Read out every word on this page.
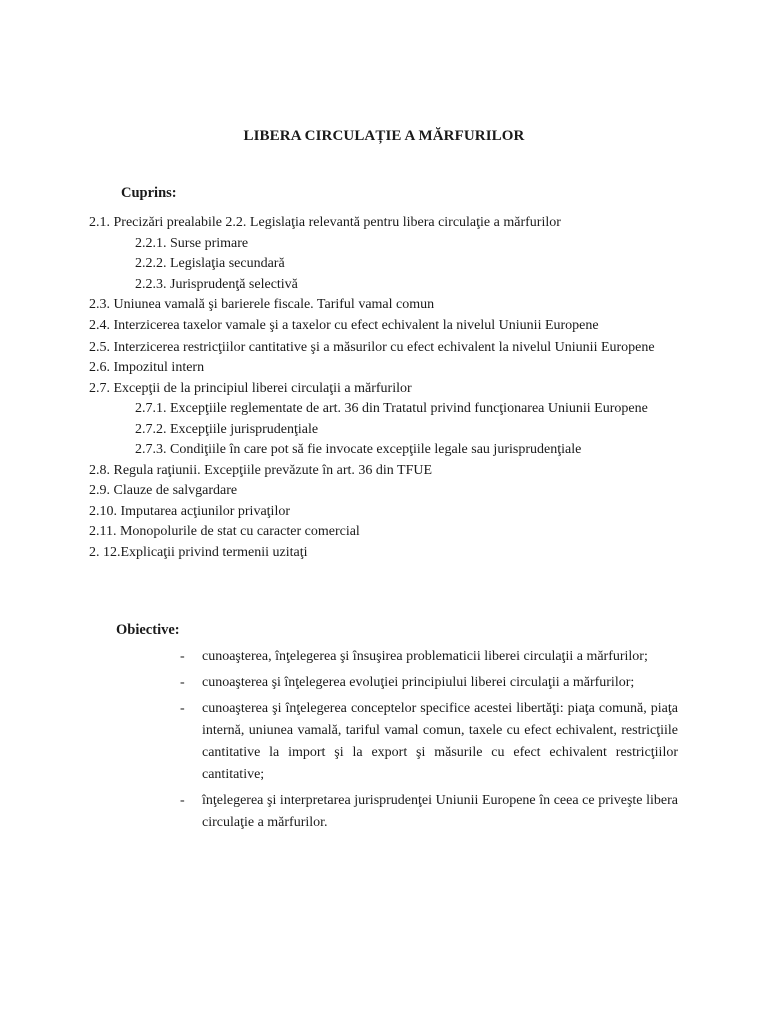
LIBERA CIRCULAȚIE A MĂRFURILOR
Cuprins:
2.1. Precizări prealabile 2.2. Legislaţia relevantă pentru libera circulaţie a mărfurilor
2.2.1. Surse primare
2.2.2. Legislaţia secundară
2.2.3. Jurisprudenţă selectivă
2.3. Uniunea vamală şi barierele fiscale. Tariful vamal comun
2.4. Interzicerea taxelor vamale şi a taxelor cu efect echivalent la nivelul Uniunii Europene
2.5. Interzicerea restricţiilor cantitative şi a măsurilor cu efect echivalent la nivelul Uniunii Europene
2.6. Impozitul intern
2.7. Excepţii de la principiul liberei circulaţii a mărfurilor
2.7.1. Excepţiile reglementate de art. 36 din Tratatul privind funcţionarea Uniunii Europene
2.7.2. Excepţiile jurisprudenţiale
2.7.3. Condiţiile în care pot să fie invocate excepţiile legale sau jurisprudenţiale
2.8. Regula raţiunii. Excepţiile prevăzute în art. 36 din TFUE
2.9. Clauze de salvgardare
2.10. Imputarea acţiunilor privaţilor
2.11. Monopolurile de stat cu caracter comercial
2. 12.Explicaţii privind termenii uzitaţi
Obiective:
- cunoaşterea, înţelegerea şi însuşirea problematicii liberei circulaţii a mărfurilor;
- cunoaşterea şi înţelegerea evoluţiei principiului liberei circulaţii a mărfurilor;
- cunoaşterea şi înţelegerea conceptelor specifice acestei libertăţi: piaţa comună, piaţa internă, uniunea vamală, tariful vamal comun, taxele cu efect echivalent, restricţiile cantitative la import şi la export şi măsurile cu efect echivalent restricţiilor cantitative;
- înţelegerea şi interpretarea jurisprudenţei Uniunii Europene în ceea ce priveşte libera circulaţie a mărfurilor.
